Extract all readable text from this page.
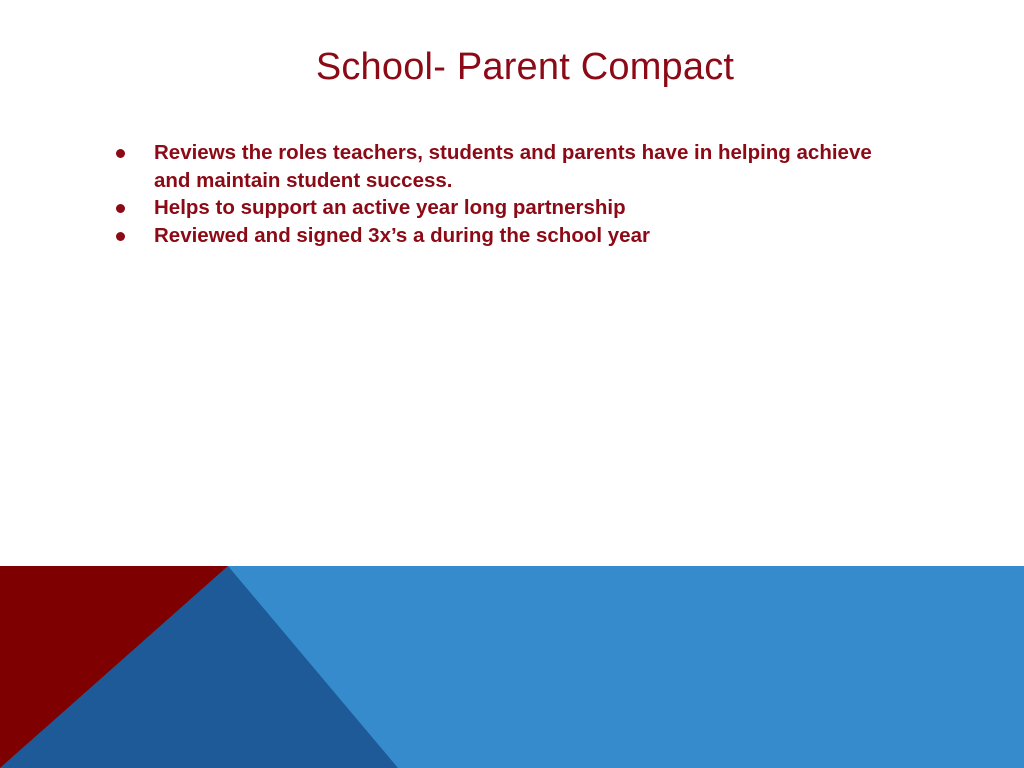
School- Parent Compact
Reviews the roles teachers, students and parents have in helping achieve and maintain student success.
Helps to support an active year long partnership
Reviewed and signed 3x’s a during the school year
